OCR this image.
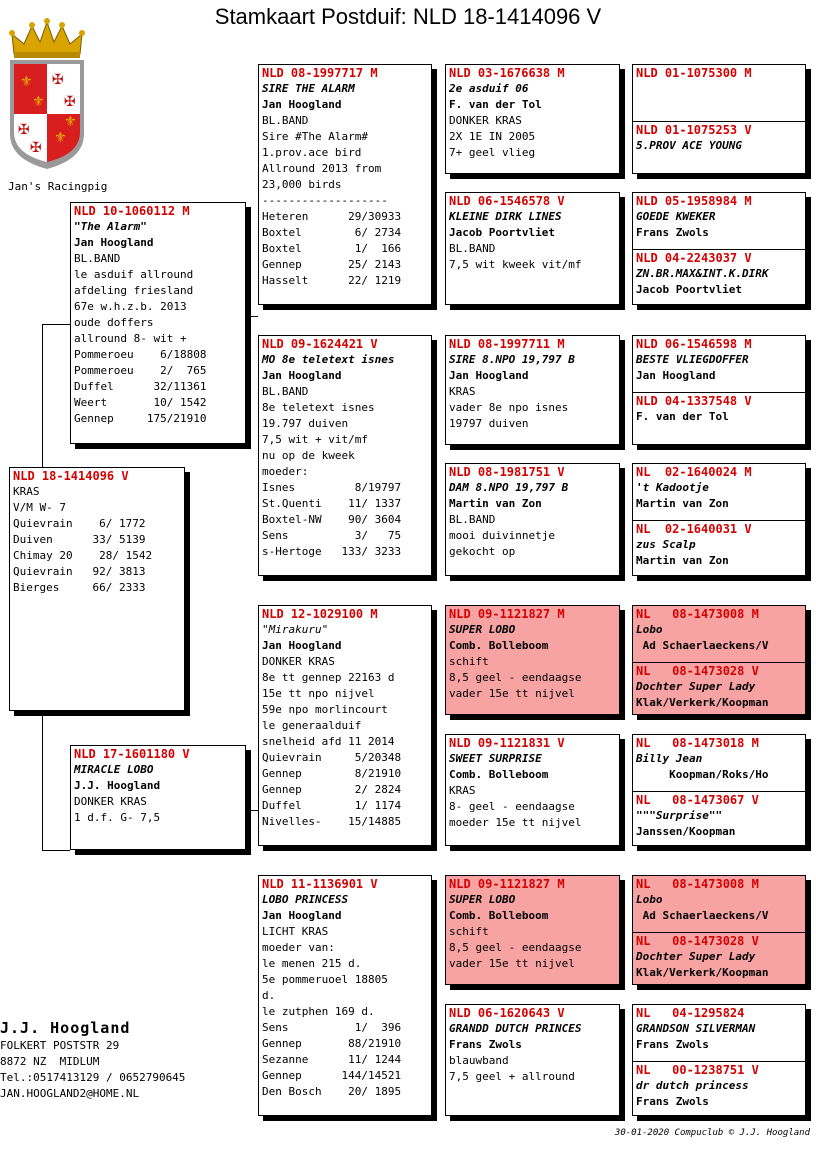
Stamkaart Postduif: NLD 18-1414096 V
⚜
⚜
⚜
⚜
✠
✠
✠
✠
Jan's Racingpig
NLD 18-1414096 V
KRAS
V/M W- 7
Quievrain    6/ 1772
Duiven      33/ 5139
Chimay 20    28/ 1542
Quievrain   92/ 3813
Bierges     66/ 2333
NLD 10-1060112 M
"The Alarm"
Jan Hoogland
BL.BAND
le asduif allround
afdeling friesland
67e w.h.z.b. 2013
oude doffers
allround 8- wit +
Pommeroeu    6/18808
Pommeroeu    2/  765
Duffel      32/11361
Weert       10/ 1542
Gennep     175/21910
NLD 17-1601180 V
MIRACLE LOBO
J.J. Hoogland
DONKER KRAS
1 d.f. G- 7,5
NLD 08-1997717 M
SIRE THE ALARM
Jan Hoogland
BL.BAND
Sire #The Alarm#
1.prov.ace bird
Allround 2013 from
23,000 birds
-------------------
Heteren      29/30933
Boxtel        6/ 2734
Boxtel        1/  166
Gennep       25/ 2143
Hasselt      22/ 1219
NLD 09-1624421 V
MO 8e teletext isnes
Jan Hoogland
BL.BAND
8e teletext isnes
19.797 duiven
7,5 wit + vit/mf
nu op de kweek
moeder:
Isnes         8/19797
St.Quenti    11/ 1337
Boxtel-NW    90/ 3604
Sens          3/   75
s-Hertoge   133/ 3233
NLD 12-1029100 M
"Mirakuru"
Jan Hoogland
DONKER KRAS
8e tt gennep 22163 d
15e tt npo nijvel
59e npo morlincourt
le generaalduif
snelheid afd 11 2014
Quievrain     5/20348
Gennep        8/21910
Gennep        2/ 2824
Duffel        1/ 1174
Nivelles-    15/14885
NLD 11-1136901 V
LOBO PRINCESS
Jan Hoogland
LICHT KRAS
moeder van:
le menen 215 d.
5e pommeruoel 18805
d.
le zutphen 169 d.
Sens          1/  396
Gennep       88/21910
Sezanne      11/ 1244
Gennep      144/14521
Den Bosch    20/ 1895
NLD 03-1676638 M
2e asduif 06
F. van der Tol
DONKER KRAS
2X 1E IN 2005
7+ geel vlieg
NLD 06-1546578 V
KLEINE DIRK LINES
Jacob Poortvliet
BL.BAND
7,5 wit kweek vit/mf
NLD 08-1997711 M
SIRE 8.NPO 19,797 B
Jan Hoogland
KRAS
vader 8e npo isnes
19797 duiven
NLD 08-1981751 V
DAM 8.NPO 19,797 B
Martin van Zon
BL.BAND
mooi duivinnetje
gekocht op
NLD 09-1121827 M
SUPER LOBO
Comb. Bolleboom
schift
8,5 geel - eendaagse
vader 15e tt nijvel
NLD 09-1121831 V
SWEET SURPRISE
Comb. Bolleboom
KRAS
8- geel - eendaagse
moeder 15e tt nijvel
NLD 09-1121827 M
SUPER LOBO
Comb. Bolleboom
schift
8,5 geel - eendaagse
vader 15e tt nijvel
NLD 06-1620643 V
GRANDD DUTCH PRINCES
Frans Zwols
blauwband
7,5 geel + allround
NLD 01-1075300 M
NLD 01-1075253 V
5.PROV ACE YOUNG
NLD 05-1958984 M
GOEDE KWEKER
Frans Zwols
NLD 04-2243037 V
ZN.BR.MAX&INT.K.DIRK
Jacob Poortvliet
NLD 06-1546598 M
BESTE VLIEGDOFFER
Jan Hoogland
NLD 04-1337548 V
F. van der Tol
NL  02-1640024 M
't Kadootje
Martin van Zon
NL  02-1640031 V
zus Scalp
Martin van Zon
NL   08-1473008 M
Lobo
Ad Schaerlaeckens/V
NL   08-1473028 V
Dochter Super Lady
Klak/Verkerk/Koopman
NL   08-1473018 M
Billy Jean
Koopman/Roks/Ho
NL   08-1473067 V
"""Surprise""
Janssen/Koopman
NL   08-1473008 M
Lobo
Ad Schaerlaeckens/V
NL   08-1473028 V
Dochter Super Lady
Klak/Verkerk/Koopman
NL   04-1295824
GRANDSON SILVERMAN
Frans Zwols
NL   00-1238751 V
dr dutch princess
Frans Zwols
J.J. Hoogland
FOLKERT POSTSTR 29
8872 NZ  MIDLUM
Tel.:0517413129 / 0652790645
JAN.HOOGLAND2@HOME.NL
30-01-2020 Compuclub © J.J. Hoogland
